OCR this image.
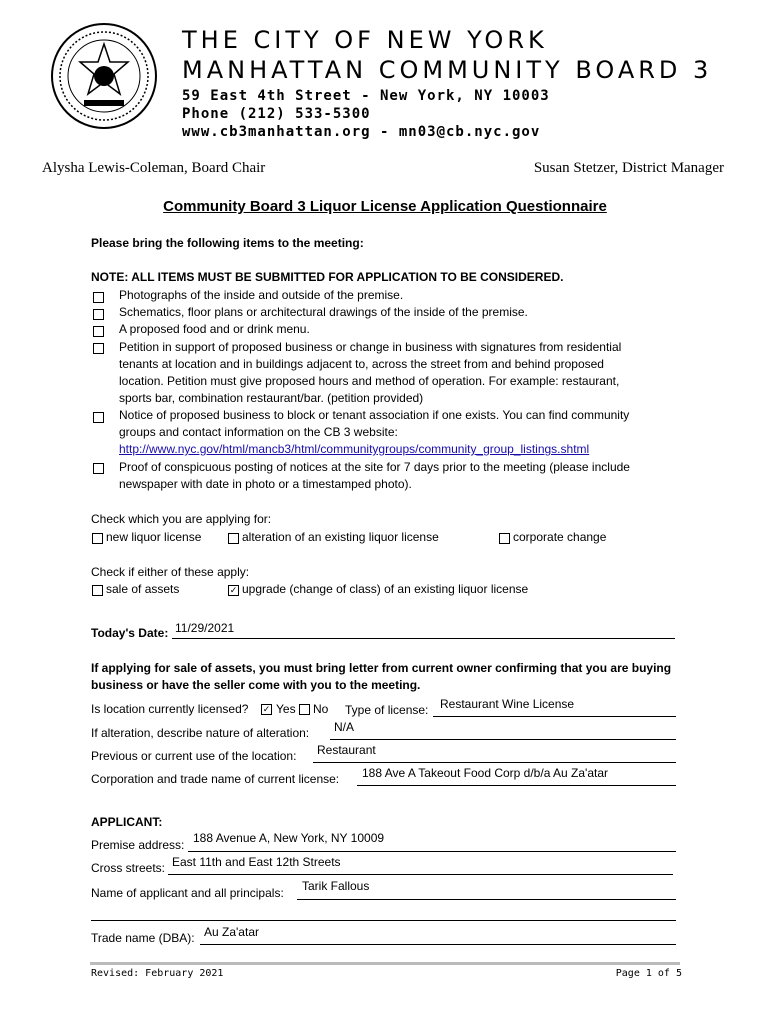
THE CITY OF NEW YORK
MANHATTAN COMMUNITY BOARD 3
59 East 4th Street - New York, NY 10003
Phone (212) 533-5300
www.cb3manhattan.org - mn03@cb.nyc.gov
Alysha Lewis-Coleman, Board Chair	Susan Stetzer, District Manager
Community Board 3 Liquor License Application Questionnaire
Please bring the following items to the meeting:
NOTE: ALL ITEMS MUST BE SUBMITTED FOR APPLICATION TO BE CONSIDERED.
Photographs of the inside and outside of the premise.
Schematics, floor plans or architectural drawings of the inside of the premise.
A proposed food and or drink menu.
Petition in support of proposed business or change in business with signatures from residential
tenants at location and in buildings adjacent to, across the street from and behind proposed
location. Petition must give proposed hours and method of operation. For example: restaurant,
sports bar, combination restaurant/bar. (petition provided)
Notice of proposed business to block or tenant association if one exists. You can find community
groups and contact information on the CB 3 website:
http://www.nyc.gov/html/mancb3/html/communitygroups/community_group_listings.shtml
Proof of conspicuous posting of notices at the site for 7 days prior to the meeting (please include
newspaper with date in photo or a timestamped photo).
Check which you are applying for:
new liquor license	alteration of an existing liquor license	corporate change
Check if either of these apply:
sale of assets	✓ upgrade (change of class) of an existing liquor license
Today's Date: 11/29/2021
If applying for sale of assets, you must bring letter from current owner confirming that you are buying
business or have the seller come with you to the meeting .
Is location currently licensed? ✓ Yes No Type of license: Restaurant Wine License
If alteration, describe nature of alteration: N/A
Previous or current use of the location: Restaurant
Corporation and trade name of current license: 188 Ave A Takeout Food Corp d/b/a Au Za'atar
APPLICANT:
Premise address: 188 Avenue A, New York, NY 10009
Cross streets: East 11th and East 12th Streets
Name of applicant and all principals: Tarik Fallous
Trade name (DBA): Au Za'atar
Revised: February 2021	Page 1 of 5
